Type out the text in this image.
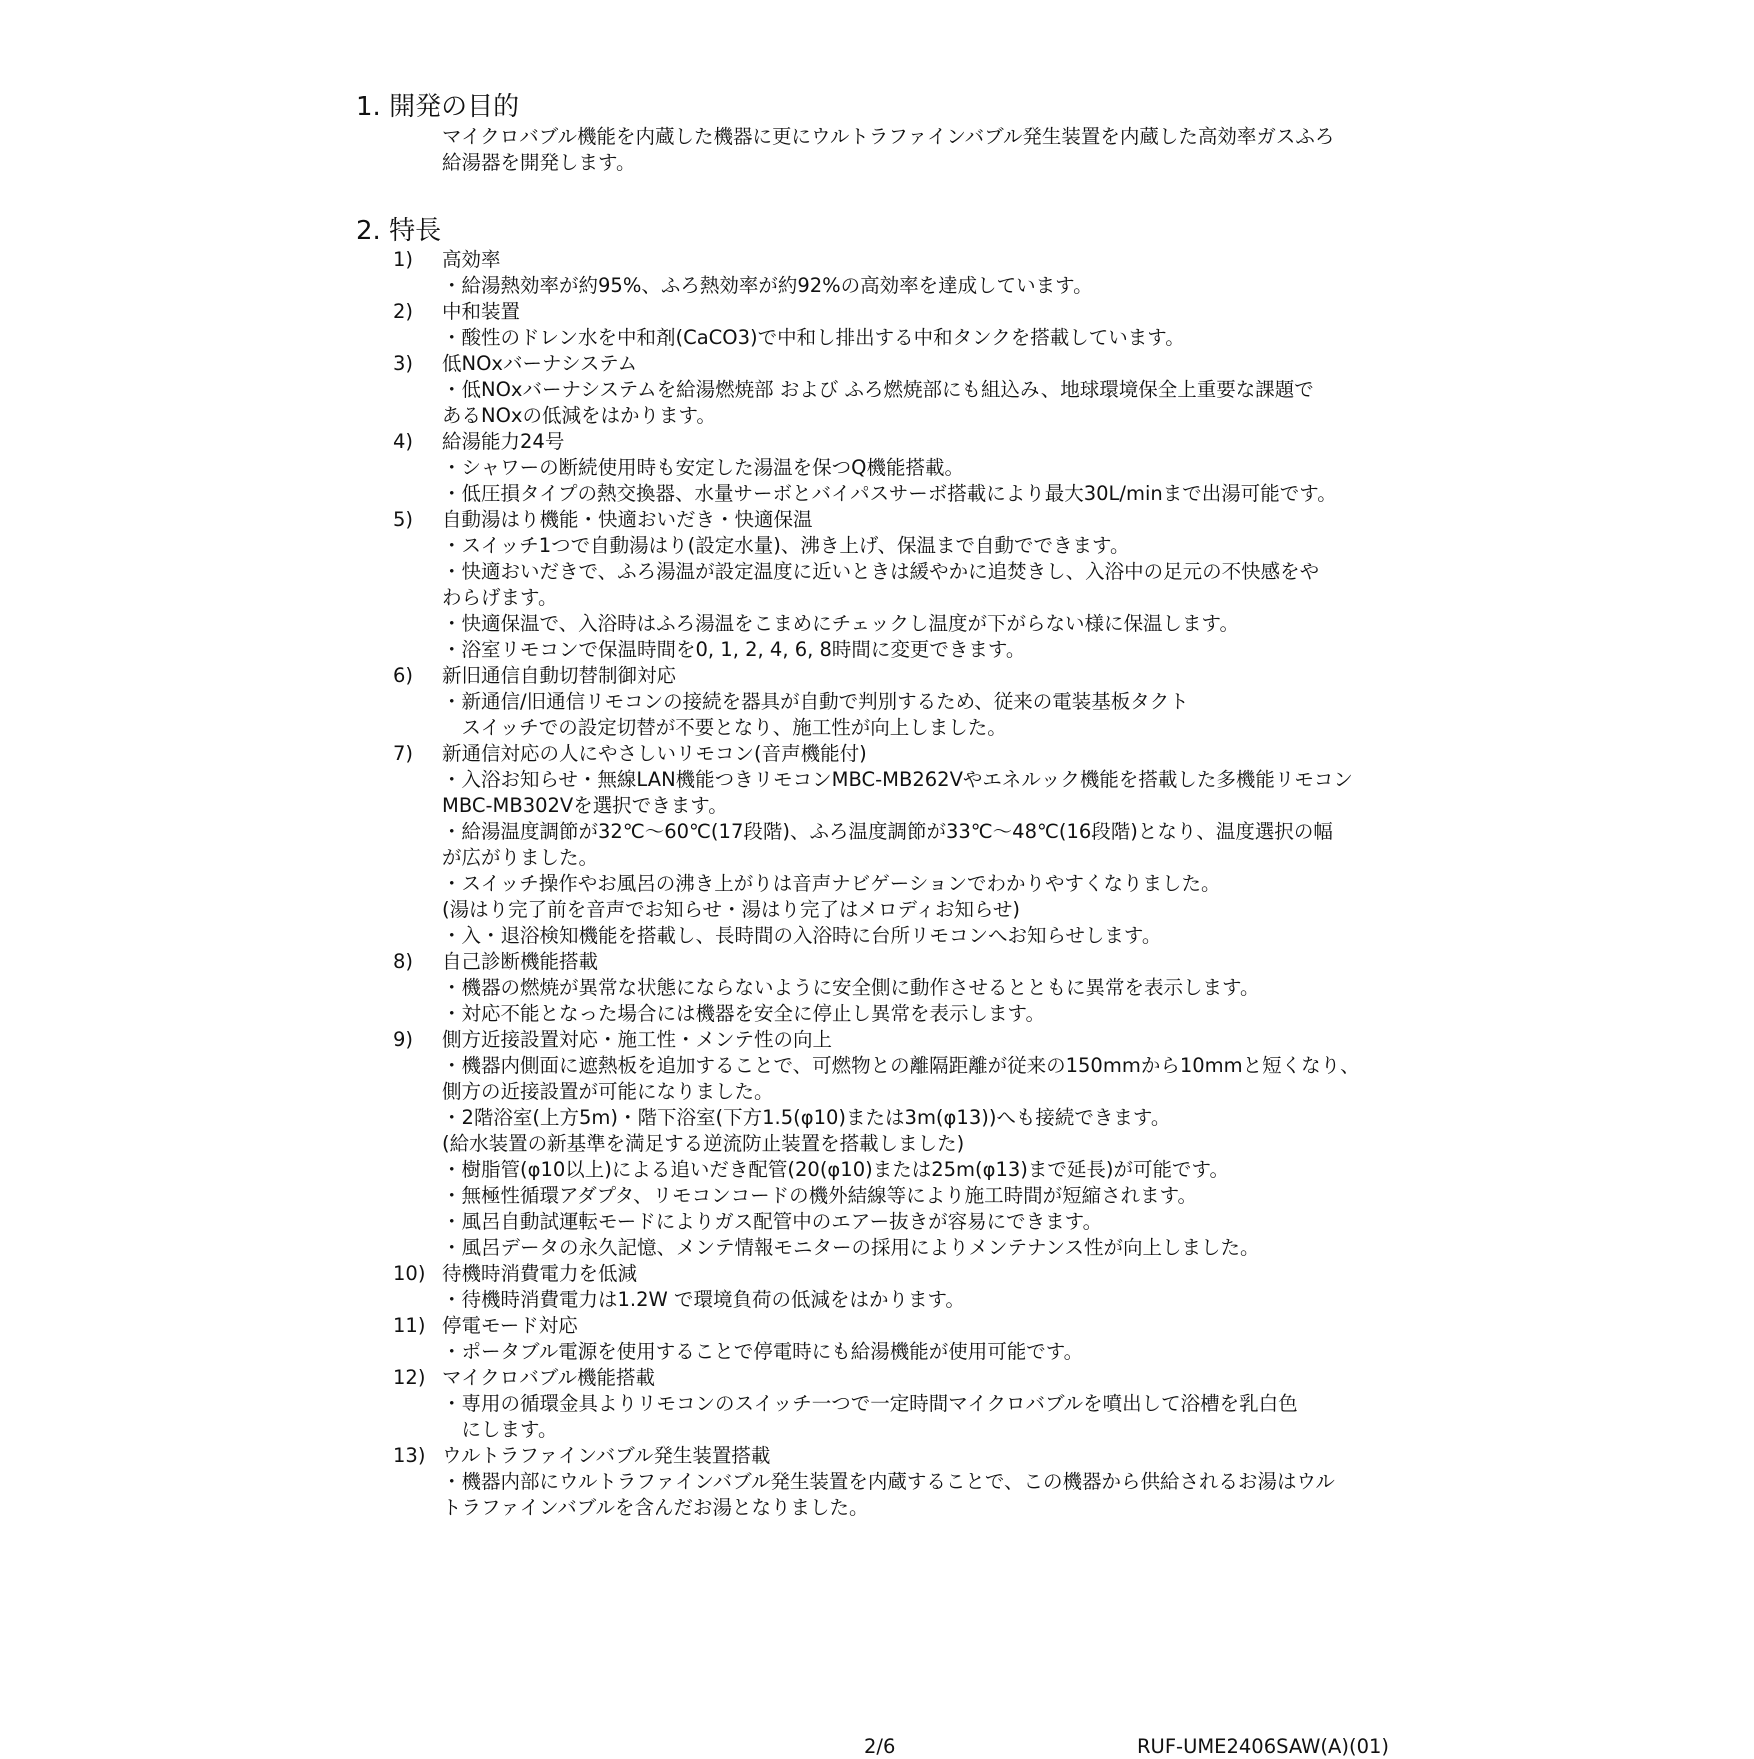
1. 開発の目的
マイクロバブル機能を内蔵した機器に更にウルトラファインバブル発生装置を内蔵した高効率ガスふろ
給湯器を開発します。
2. 特長
1) 高効率
・給湯熱効率が約95%、ふろ熱効率が約92%の高効率を達成しています。
2) 中和装置
・酸性のドレン水を中和剤(CaCO3)で中和し排出する中和タンクを搭載しています。
3) 低NOxバーナシステム
・低NOxバーナシステムを給湯燃焼部 および ふろ燃焼部にも組込み、地球環境保全上重要な課題で
あるNOxの低減をはかります。
4) 給湯能力24号
・シャワーの断続使用時も安定した湯温を保つQ機能搭載。
・低圧損タイプの熱交換器、水量サーボとバイパスサーボ搭載により最大30L/minまで出湯可能です。
5) 自動湯はり機能・快適おいだき・快適保温
・スイッチ1つで自動湯はり(設定水量)、沸き上げ、保温まで自動でできます。
・快適おいだきで、ふろ湯温が設定温度に近いときは緩やかに追焚きし、入浴中の足元の不快感をや
わらげます。
・快適保温で、入浴時はふろ湯温をこまめにチェックし温度が下がらない様に保温します。
・浴室リモコンで保温時間を0, 1, 2, 4, 6, 8時間に変更できます。
6) 新旧通信自動切替制御対応
・新通信/旧通信リモコンの接続を器具が自動で判別するため、従来の電装基板タクト
　スイッチでの設定切替が不要となり、施工性が向上しました。
7) 新通信対応の人にやさしいリモコン(音声機能付)
・入浴お知らせ・無線LAN機能つきリモコンMBC-MB262Vやエネルック機能を搭載した多機能リモコン
MBC-MB302Vを選択できます。
・給湯温度調節が32℃～60℃(17段階)、ふろ温度調節が33℃～48℃(16段階)となり、温度選択の幅
が広がりました。
・スイッチ操作やお風呂の沸き上がりは音声ナビゲーションでわかりやすくなりました。
(湯はり完了前を音声でお知らせ・湯はり完了はメロディお知らせ)
・入・退浴検知機能を搭載し、長時間の入浴時に台所リモコンへお知らせします。
8) 自己診断機能搭載
・機器の燃焼が異常な状態にならないように安全側に動作させるとともに異常を表示します。
・対応不能となった場合には機器を安全に停止し異常を表示します。
9) 側方近接設置対応・施工性・メンテ性の向上
・機器内側面に遮熱板を追加することで、可燃物との離隔距離が従来の150mmから10mmと短くなり、
側方の近接設置が可能になりました。
・2階浴室(上方5m)・階下浴室(下方1.5(φ10)または3m(φ13))へも接続できます。
(給水装置の新基準を満足する逆流防止装置を搭載しました)
・樹脂管(φ10以上)による追いだき配管(20(φ10)または25m(φ13)まで延長)が可能です。
・無極性循環アダプタ、リモコンコードの機外結線等により施工時間が短縮されます。
・風呂自動試運転モードによりガス配管中のエアー抜きが容易にできます。
・風呂データの永久記憶、メンテ情報モニターの採用によりメンテナンス性が向上しました。
10) 待機時消費電力を低減
・待機時消費電力は1.2W で環境負荷の低減をはかります。
11) 停電モード対応
・ポータブル電源を使用することで停電時にも給湯機能が使用可能です。
12) マイクロバブル機能搭載
・専用の循環金具よりリモコンのスイッチ一つで一定時間マイクロバブルを噴出して浴槽を乳白色
　にします。
13) ウルトラファインバブル発生装置搭載
・機器内部にウルトラファインバブル発生装置を内蔵することで、この機器から供給されるお湯はウル
トラファインバブルを含んだお湯となりました。
2/6	RUF-UME2406SAW(A)(01)
